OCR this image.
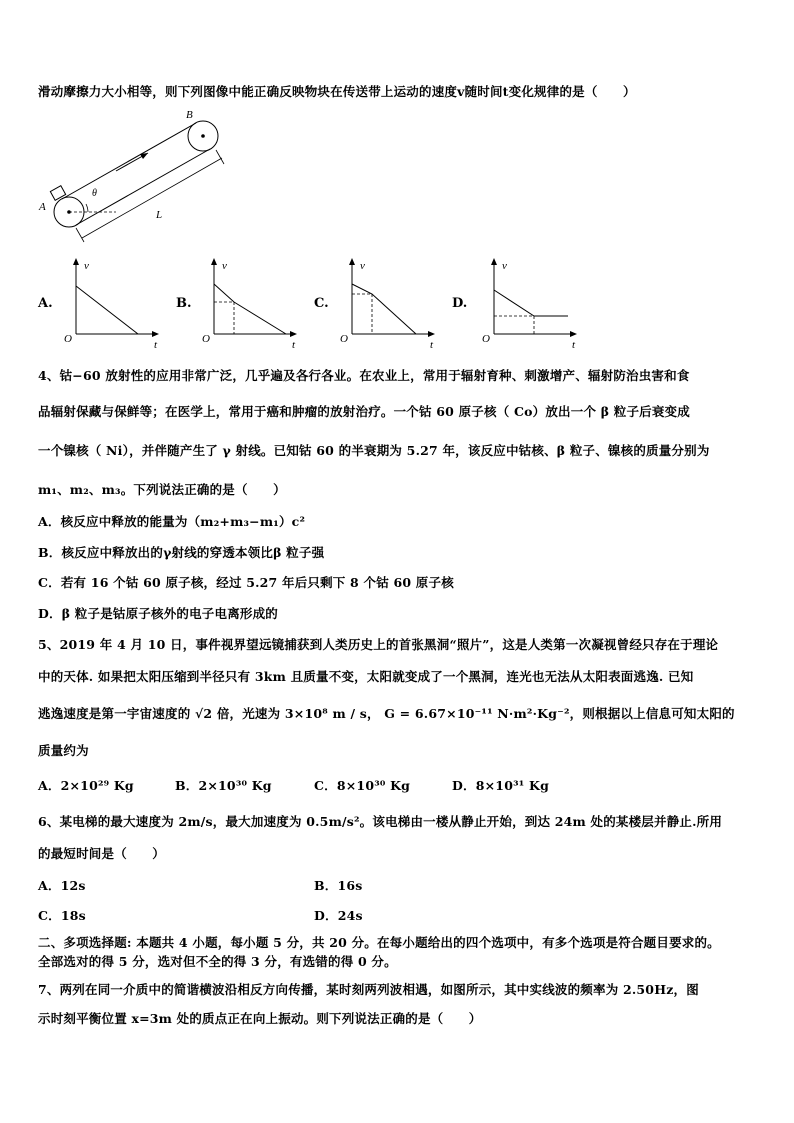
滑动摩擦力大小相等，则下列图像中能正确反映物块在传送带上运动的速度v随时间t变化规律的是（　　）
A
B
θ
L
A.
v
t
O
B.
v
t
O
C.
v
t
O
D.
v
t
O
4、钴−60 放射性的应用非常广泛，几乎遍及各行各业。在农业上，常用于辐射育种、刺激增产、辐射防治虫害和食
品辐射保藏与保鲜等；在医学上，常用于癌和肿瘤的放射治疗。一个钴 60 原子核（ Co）放出一个 β 粒子后衰变成
一个镍核（ Ni），并伴随产生了 γ 射线。已知钴 60 的半衰期为 5.27 年，该反应中钴核、β 粒子、镍核的质量分别为
m₁、m₂、m₃。下列说法正确的是（　　）
A．核反应中释放的能量为（m₂+m₃−m₁）c²
B．核反应中释放出的γ射线的穿透本领比β 粒子强
C．若有 16 个钴 60 原子核，经过 5.27 年后只剩下 8 个钴 60 原子核
D．β 粒子是钴原子核外的电子电离形成的
5、2019 年 4 月 10 日，事件视界望远镜捕获到人类历史上的首张黑洞“照片”，这是人类第一次凝视曾经只存在于理论
中的天体. 如果把太阳压缩到半径只有 3km 且质量不变，太阳就变成了一个黑洞，连光也无法从太阳表面逃逸. 已知
逃逸速度是第一宇宙速度的 √2 倍，光速为 3×10⁸ m / s， G = 6.67×10⁻¹¹ N·m²·Kg⁻²，则根据以上信息可知太阳的
质量约为
A．2×10²⁹ Kg	B．2×10³⁰ Kg	C．8×10³⁰ Kg	D．8×10³¹ Kg
6、某电梯的最大速度为 2m/s，最大加速度为 0.5m/s²。该电梯由一楼从静止开始，到达 24m 处的某楼层并静止.所用
的最短时间是（　　）
A．12s	B．16s
C．18s	D．24s
二、多项选择题: 本题共 4 小题，每小题 5 分，共 20 分。在每小题给出的四个选项中，有多个选项是符合题目要求的。
全部选对的得 5 分，选对但不全的得 3 分，有选错的得 0 分。
7、两列在同一介质中的简谐横波沿相反方向传播，某时刻两列波相遇，如图所示，其中实线波的频率为 2.50Hz，图
示时刻平衡位置 x=3m 处的质点正在向上振动。则下列说法正确的是（　　）
